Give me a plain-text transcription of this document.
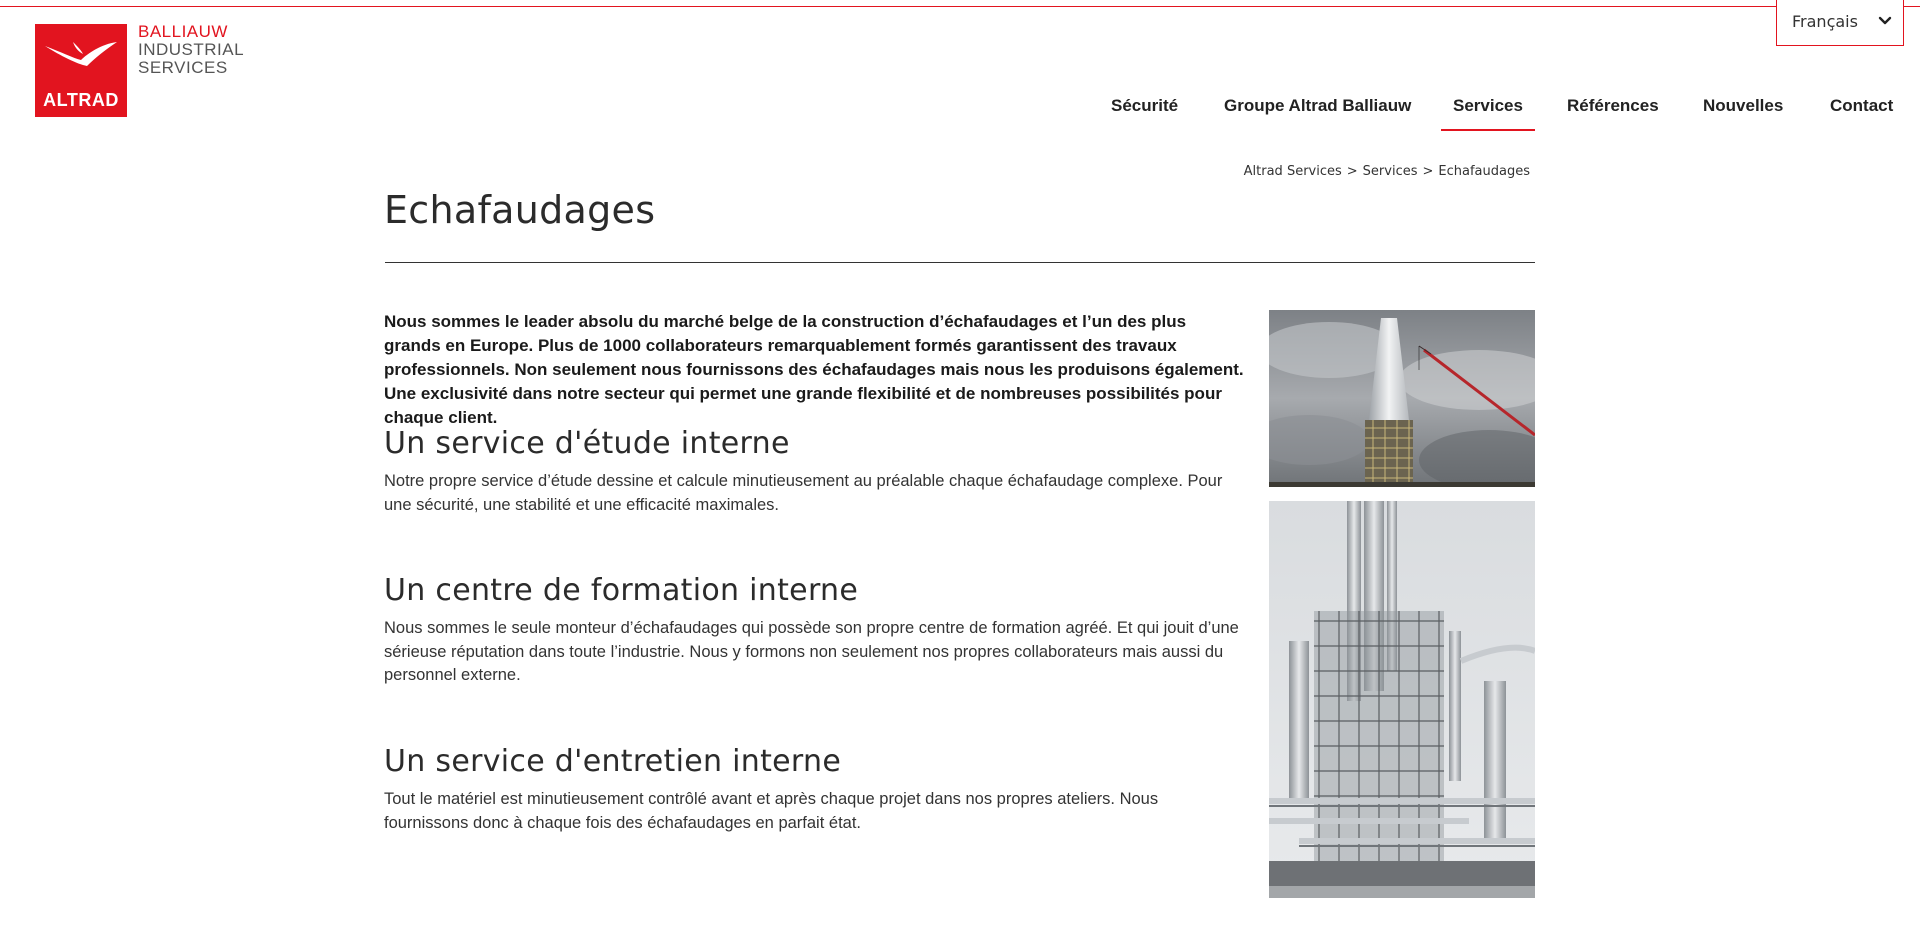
ALTRAD
BALLIAUW
INDUSTRIAL
SERVICES
Français
Sécurité	Groupe Altrad Balliauw Services	Références	Nouvelles	Contact
Altrad Services > Services > Echafaudages
Echafaudages

Nous sommes le leader absolu du marché belge de la construction d’échafaudages et l’un des plus grands en Europe. Plus de 1000 collaborateurs remarquablement formés garantissent des travaux professionnels. Non seulement nous fournissons des échafaudages mais nous les produisons également. Une exclusivité dans notre secteur qui permet une grande flexibilité et de nombreuses possibilités pour chaque client.

Un service d'étude interne

Notre propre service d’étude dessine et calcule minutieusement au préalable chaque échafaudage complexe. Pour une sécurité, une stabilité et une efficacité maximales.

Un centre de formation interne

Nous sommes le seule monteur d’échafaudages qui possède son propre centre de formation agréé. Et qui jouit d’une sérieuse réputation dans toute l’industrie. Nous y formons non seulement nos propres collaborateurs mais aussi du personnel externe.

Un service d'entretien interne

Tout le matériel est minutieusement contrôlé avant et après chaque projet dans nos propres ateliers. Nous fournissons donc à chaque fois des échafaudages en parfait état.
